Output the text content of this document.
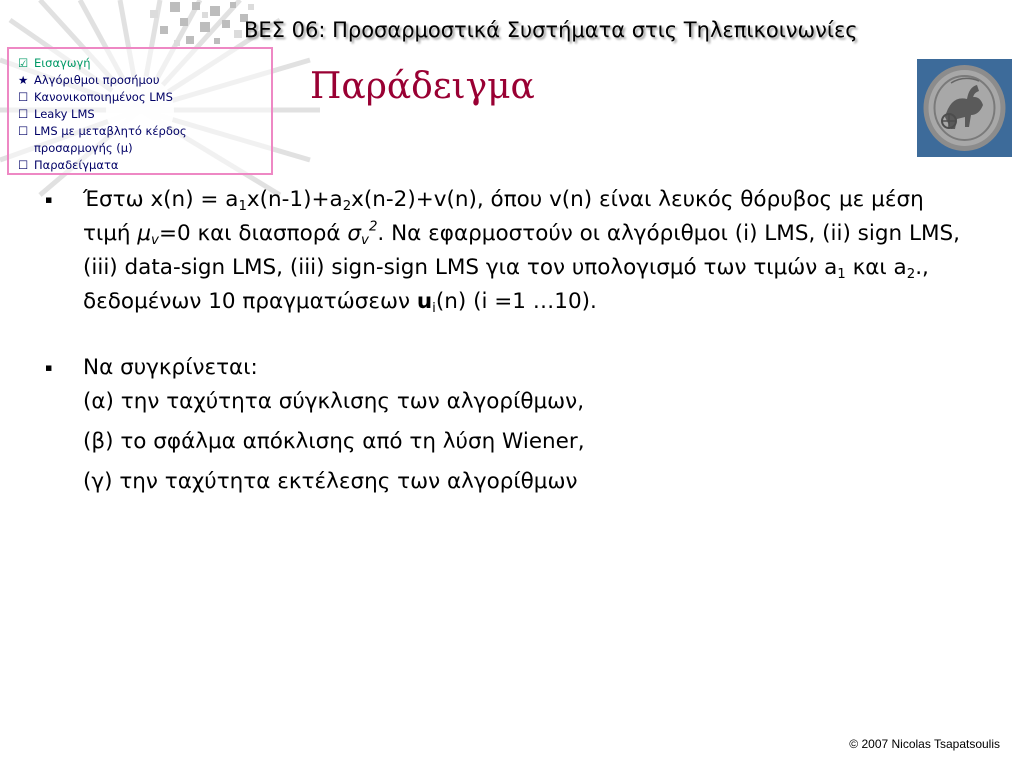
ΒΕΣ 06: Προσαρμοστικά Συστήματα στις Τηλεπικοινωνίες
☑ Εισαγωγή
★ Αλγόριθμοι προσήμου
☐ Κανονικοποιημένος LMS
☐ Leaky LMS
☐ LMS με μεταβλητό κέρδος
προσαρμογής (μ)
☐ Παραδείγματα
Παράδειγμα
▪ Έστω $x(n) = a_1x(n-1)+a_2x(n-2)+v(n)$, όπου v(n) είναι λευκός θόρυβος με μέση τιμή $\mu_v=0$ και διασπορά $\sigma_v^2$. Να εφαρμοστούν οι αλγόριθμοι (i) LMS, (ii) sign LMS, (iii) data-sign LMS, (iii) sign-sign LMS για τον υπολογισμό των τιμών $a_1$ και $a_2$., δεδομένων 10 πραγματώσεων $u_i(n)$ (i =1 …10).
▪ Να συγκρίνεται:
(α) την ταχύτητα σύγκλισης των αλγορίθμων,
(β) το σφάλμα απόκλισης από τη λύση Wiener,
(γ) την ταχύτητα εκτέλεσης των αλγορίθμων
© 2007 Nicolas Tsapatsoulis
